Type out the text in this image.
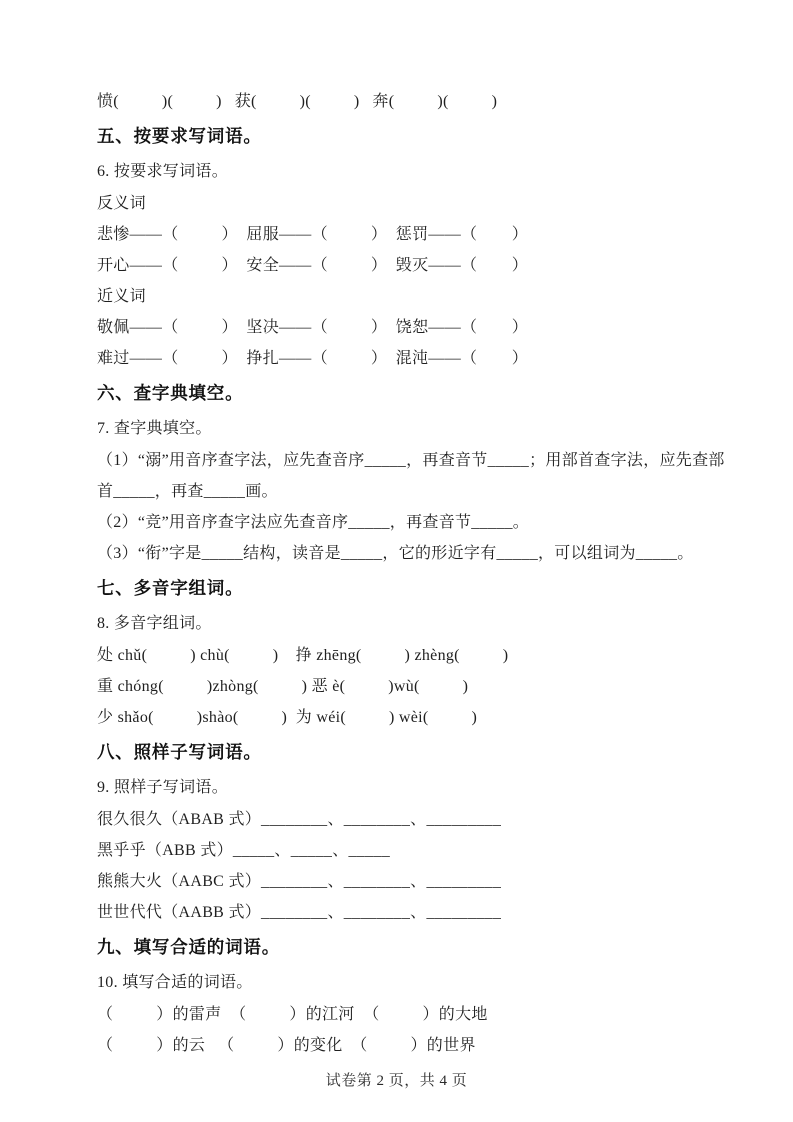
愤(          )(          )   获(          )(          )   奔(          )(          )
五、按要求写词语。
6. 按要求写词语。
反义词
悲惨——（          ）  屈服——（          ）  惩罚——（        ）
开心——（          ）  安全——（          ）  毁灭——（        ）
近义词
敬佩——（          ）  坚决——（          ）  饶恕——（        ）
难过——（          ）  挣扎——（          ）  混沌——（        ）
六、查字典填空。
7. 查字典填空。
（1）“溺”用音序查字法，应先查音序_____，再查音节_____；用部首查字法，应先查部
首_____，再查_____画。
（2）“竞”用音序查字法应先查音序_____，再查音节_____。
（3）“衔”字是_____结构，读音是_____，它的形近字有_____，可以组词为_____。
七、多音字组词。
8. 多音字组词。
处 chǔ(          ) chù(          )    挣 zhēng(          ) zhèng(          )
重 chóng(          )zhòng(          ) 恶 è(          )wù(          )
少 shǎo(          )shào(          )  为 wéi(          ) wèi(          )
八、照样子写词语。
9. 照样子写词语。
很久很久（ABAB 式）________、________、_________
黑乎乎（ABB 式）_____、_____、_____
熊熊大火（AABC 式）________、________、_________
世世代代（AABB 式）________、________、_________
九、填写合适的词语。
10. 填写合适的词语。
（          ）的雷声  （          ）的江河  （          ）的大地
（          ）的云   （          ）的变化  （          ）的世界
试卷第 2 页，共 4 页
